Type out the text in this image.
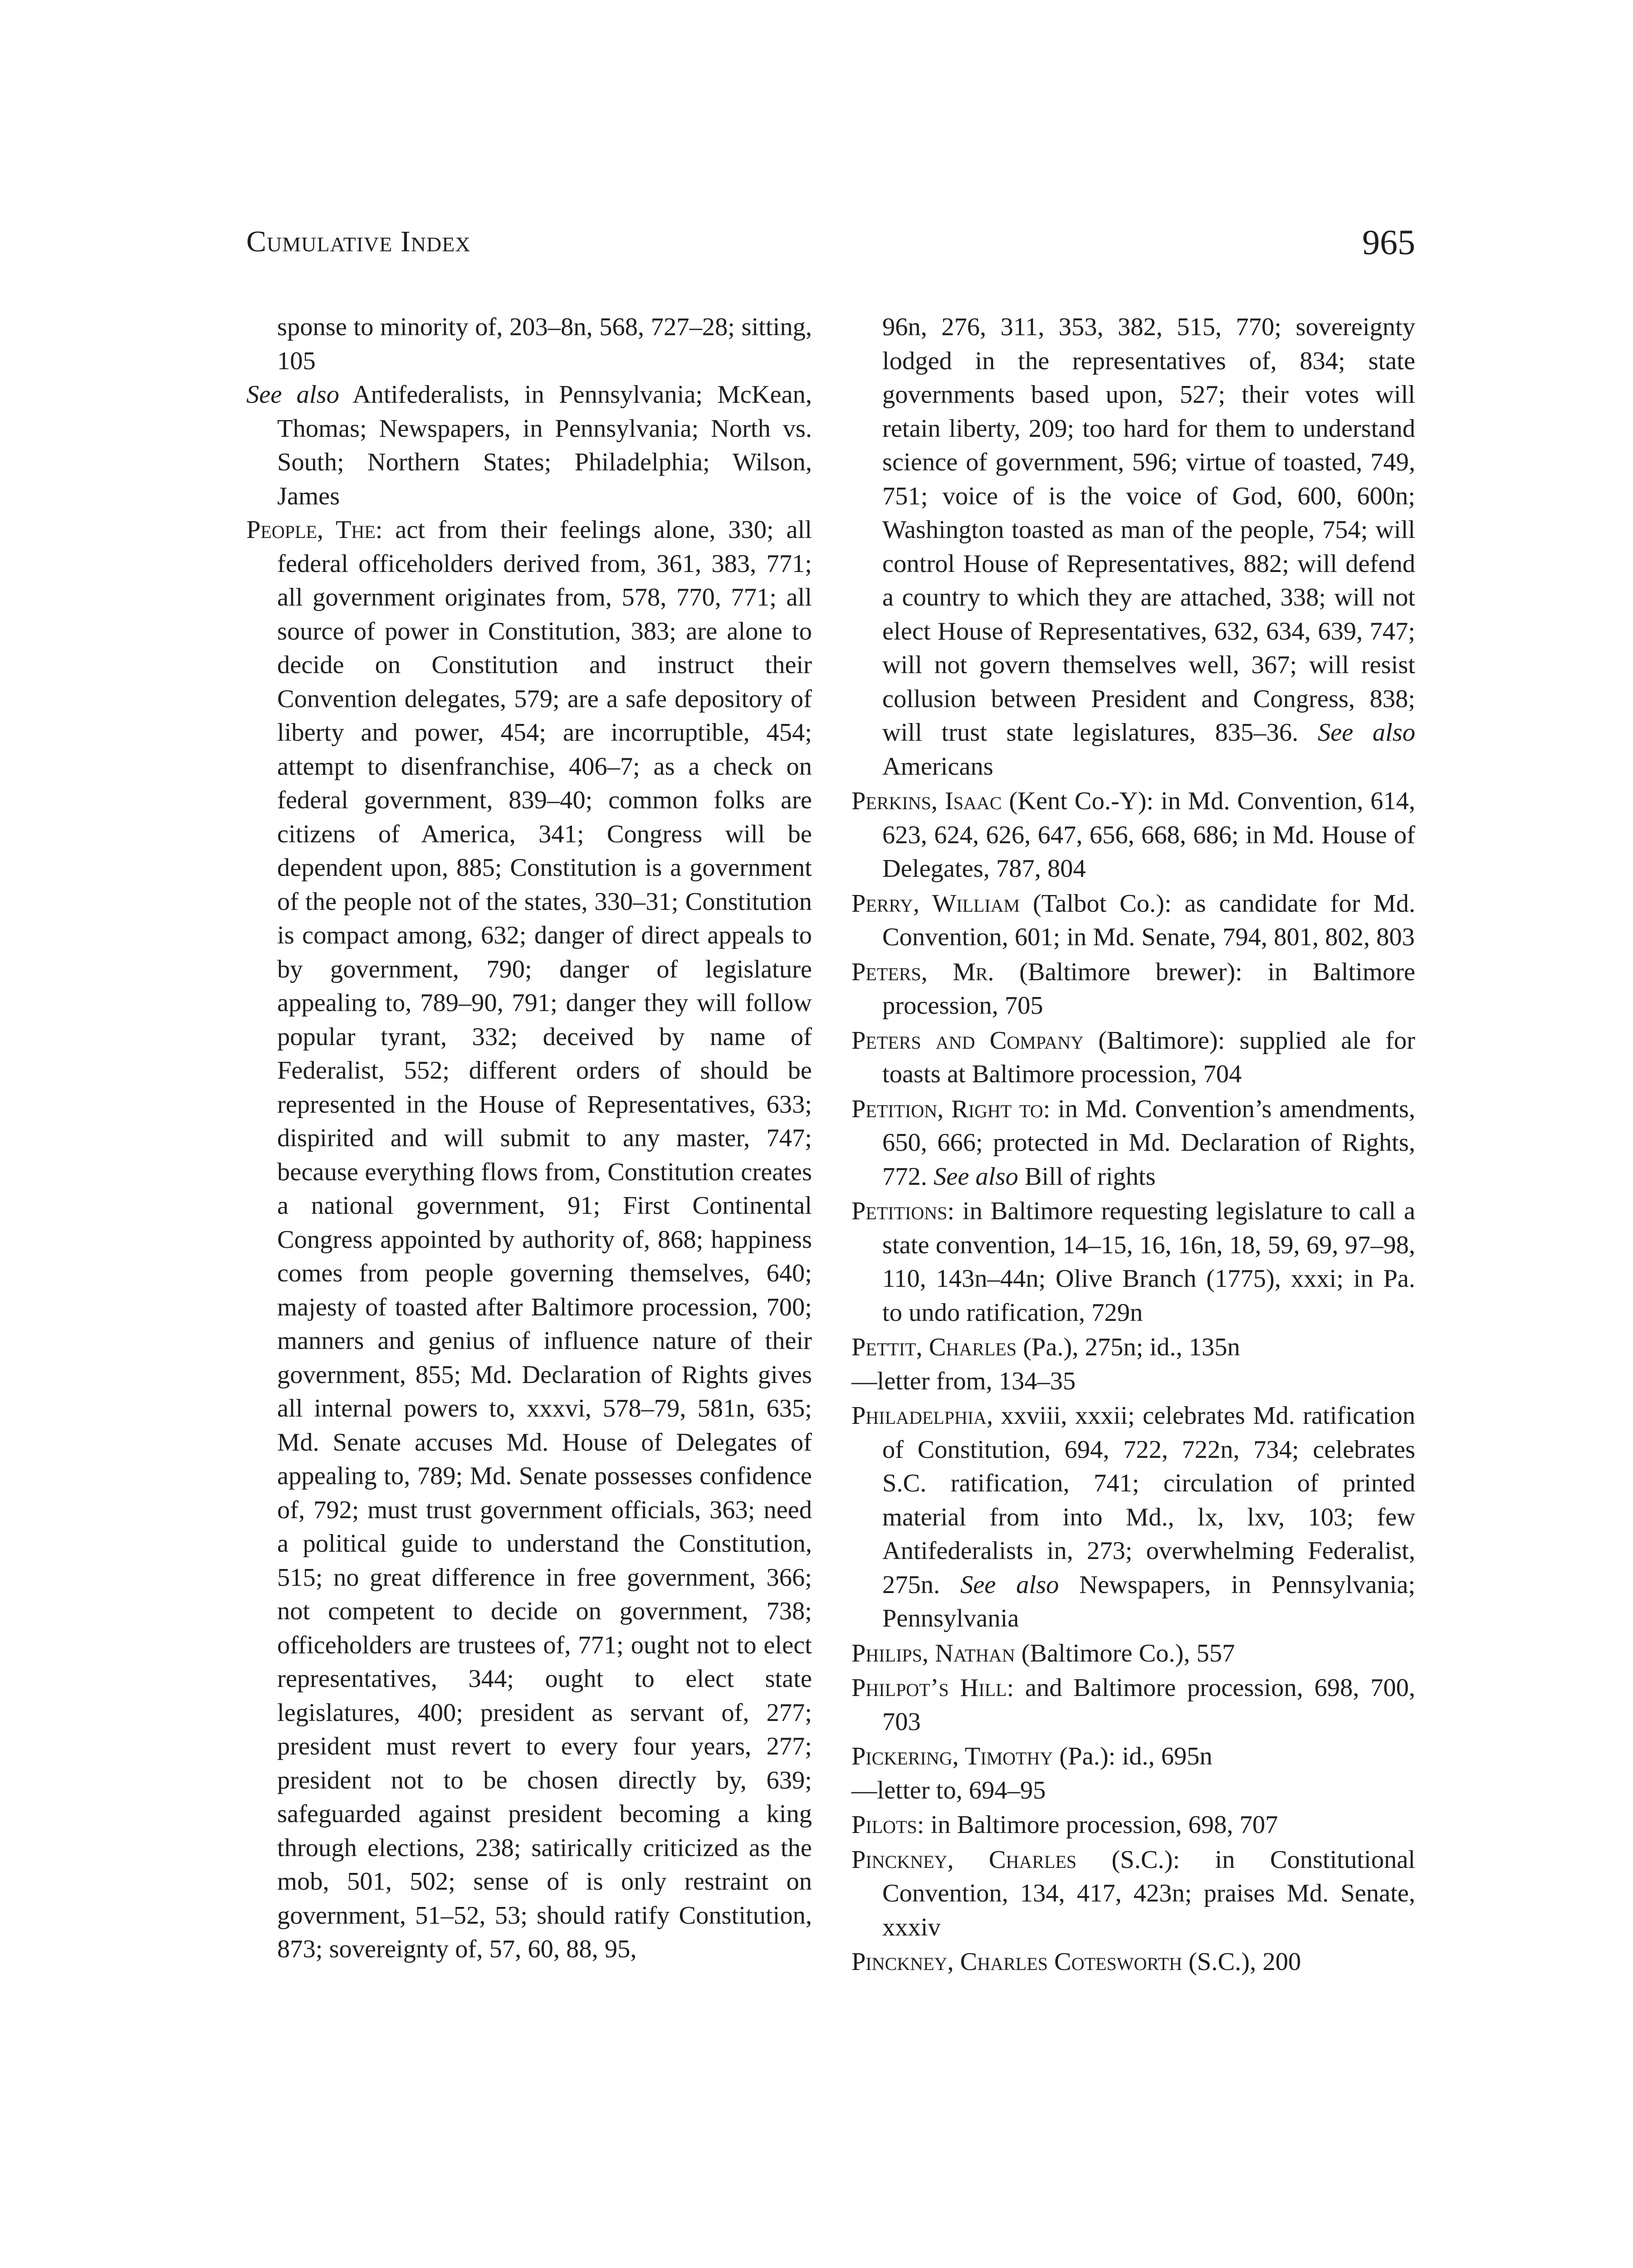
Cumulative Index	965

sponse to minority of, 203–8n, 568, 727–28; sitting, 105

See also Antifederalists, in Pennsylvania; McKean, Thomas; Newspapers, in Pennsylvania; North vs. South; Northern States; Philadelphia; Wilson, James

People, The: act from their feelings alone, 330; all federal officeholders derived from, 361, 383, 771; all government originates from, 578, 770, 771; all source of power in Constitution, 383; are alone to decide on Constitution and instruct their Convention delegates, 579; are a safe depository of liberty and power, 454; are incorruptible, 454; attempt to disenfranchise, 406–7; as a check on federal government, 839–40; common folks are citizens of America, 341; Congress will be dependent upon, 885; Constitution is a government of the people not of the states, 330–31; Constitution is compact among, 632; danger of direct appeals to by government, 790; danger of legislature appealing to, 789–90, 791; danger they will follow popular tyrant, 332; deceived by name of Federalist, 552; different orders of should be represented in the House of Representatives, 633; dispirited and will submit to any master, 747; because everything flows from, Constitution creates a national government, 91; First Continental Congress appointed by authority of, 868; happiness comes from people governing themselves, 640; majesty of toasted after Baltimore procession, 700; manners and genius of influence nature of their government, 855; Md. Declaration of Rights gives all internal powers to, xxxvi, 578–79, 581n, 635; Md. Senate accuses Md. House of Delegates of appealing to, 789; Md. Senate possesses confidence of, 792; must trust government officials, 363; need a political guide to understand the Constitution, 515; no great difference in free government, 366; not competent to decide on government, 738; officeholders are trustees of, 771; ought not to elect representatives, 344; ought to elect state legislatures, 400; president as servant of, 277; president must revert to every four years, 277; president not to be chosen directly by, 639; safeguarded against president becoming a king through elections, 238; satirically criticized as the mob, 501, 502; sense of is only restraint on government, 51–52, 53; should ratify Constitution, 873; sovereignty of, 57, 60, 88, 95,

96n, 276, 311, 353, 382, 515, 770; sovereignty lodged in the representatives of, 834; state governments based upon, 527; their votes will retain liberty, 209; too hard for them to understand science of government, 596; virtue of toasted, 749, 751; voice of is the voice of God, 600, 600n; Washington toasted as man of the people, 754; will control House of Representatives, 882; will defend a country to which they are attached, 338; will not elect House of Representatives, 632, 634, 639, 747; will not govern themselves well, 367; will resist collusion between President and Congress, 838; will trust state legislatures, 835–36. See also Americans

Perkins, Isaac (Kent Co.-Y): in Md. Convention, 614, 623, 624, 626, 647, 656, 668, 686; in Md. House of Delegates, 787, 804

Perry, William (Talbot Co.): as candidate for Md. Convention, 601; in Md. Senate, 794, 801, 802, 803

Peters, Mr. (Baltimore brewer): in Baltimore procession, 705

Peters and Company (Baltimore): supplied ale for toasts at Baltimore procession, 704

Petition, Right to: in Md. Convention’s amendments, 650, 666; protected in Md. Declaration of Rights, 772. See also Bill of rights

Petitions: in Baltimore requesting legislature to call a state convention, 14–15, 16, 16n, 18, 59, 69, 97–98, 110, 143n–44n; Olive Branch (1775), xxxi; in Pa. to undo ratification, 729n

Pettit, Charles (Pa.), 275n; id., 135n

—letter from, 134–35

Philadelphia, xxviii, xxxii; celebrates Md. ratification of Constitution, 694, 722, 722n, 734; celebrates S.C. ratification, 741; circulation of printed material from into Md., lx, lxv, 103; few Antifederalists in, 273; overwhelming Federalist, 275n. See also Newspapers, in Pennsylvania; Pennsylvania

Philips, Nathan (Baltimore Co.), 557

Philpot’s Hill: and Baltimore procession, 698, 700, 703

Pickering, Timothy (Pa.): id., 695n

—letter to, 694–95

Pilots: in Baltimore procession, 698, 707

Pinckney, Charles (S.C.): in Constitutional Convention, 134, 417, 423n; praises Md. Senate, xxxiv

Pinckney, Charles Cotesworth (S.C.), 200
